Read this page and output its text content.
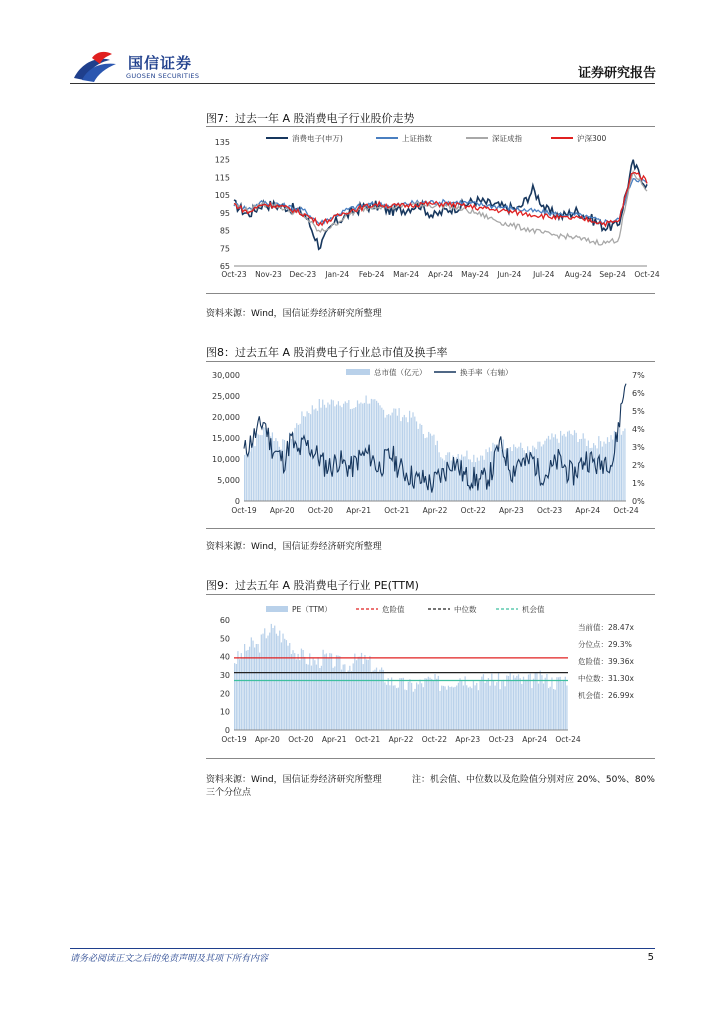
国信证券
GUOSEN SECURITIES	证券研究报告
图7：过去一年 A 股消费电子行业股价走势
65
75
85
95
105
115
125
135
Oct-23 Nov-23 Dec-23 Jan-24 Feb-24 Mar-24 Apr-24 May-24 Jun-24 Jul-24 Aug-24 Sep-24 Oct-24
消费电子(申万)	上证指数	深证成指	沪深300
资料来源：Wind，国信证券经济研究所整理
图8：过去五年 A 股消费电子行业总市值及换手率
0
5,000
10,000
15,000
20,000
25,000
30,000
0%
1%
2%
3%
4%
5%
6%
7%
Oct-19 Apr-20 Oct-20 Apr-21 Oct-21 Apr-22 Oct-22 Apr-23 Oct-23 Apr-24 Oct-24
总市值（亿元）	换手率（右轴）
资料来源：Wind，国信证券经济研究所整理
图9：过去五年 A 股消费电子行业 PE(TTM)
0
10
20
30
40
50
60
Oct-19 Apr-20 Oct-20 Apr-21 Oct-21 Apr-22 Oct-22 Apr-23 Oct-23 Apr-24 Oct-24
PE（TTM）	危险值	中位数	机会值
当前值：28.47x
分位点：29.3%
危险值：39.36x
中位数：31.30x
机会值：26.99x
资料来源：Wind，国信证券经济研究所整理	注：机会值、中位数以及危险值分别对应 20%、50%、80%
三个分位点
请务必阅读正文之后的免责声明及其项下所有内容	5
